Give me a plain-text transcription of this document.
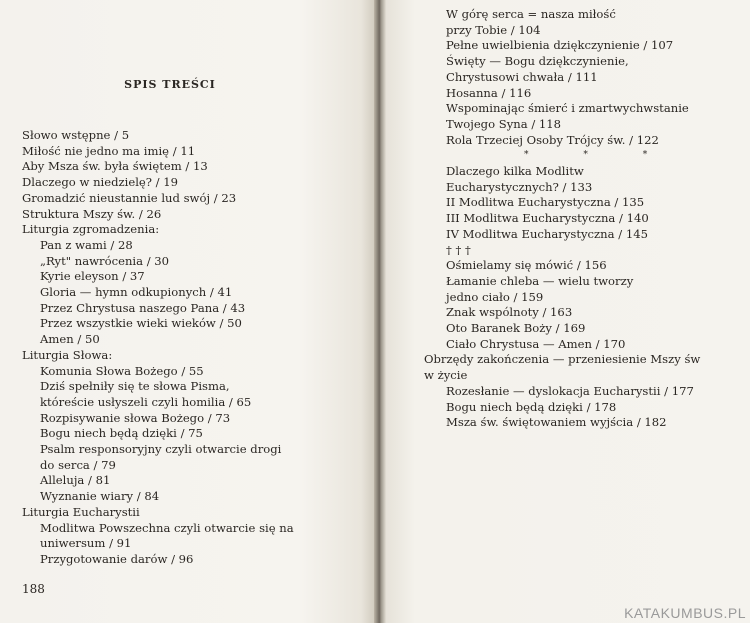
SPIS TREŚCI
Słowo wstępne / 5
Miłość nie jedno ma imię / 11
Aby Msza św. była świętem / 13
Dlaczego w niedzielę? / 19
Gromadzić nieustannie lud swój / 23
Struktura Mszy św. / 26
Liturgia zgromadzenia:
Pan z wami / 28
„Ryt" nawrócenia / 30
Kyrie eleyson / 37
Gloria — hymn odkupionych / 41
Przez Chrystusa naszego Pana / 43
Przez wszystkie wieki wieków / 50
Amen / 50
Liturgia Słowa:
Komunia Słowa Bożego / 55
Dziś spełniły się te słowa Pisma,
któreście usłyszeli czyli homilia / 65
Rozpisywanie słowa Bożego / 73
Bogu niech będą dzięki / 75
Psalm responsoryjny czyli otwarcie drogi
do serca / 79
Alleluja / 81
Wyznanie wiary / 84
Liturgia Eucharystii
Modlitwa Powszechna czyli otwarcie się na
uniwersum / 91
Przygotowanie darów / 96
188
W górę serca = nasza miłość
przy Tobie / 104
Pełne uwielbienia dziękczynienie / 107
Święty — Bogu dziękczynienie,
Chrystusowi chwała / 111
Hosanna / 116
Wspominając śmierć i zmartwychwstanie
Twojego Syna / 118
Rola Trzeciej Osoby Trójcy św. / 122
* * *
Dlaczego kilka Modlitw
Eucharystycznych? / 133
II Modlitwa Eucharystyczna / 135
III Modlitwa Eucharystyczna / 140
IV Modlitwa Eucharystyczna / 145
† † †
Ośmielamy się mówić / 156
Łamanie chleba — wielu tworzy
jedno ciało / 159
Znak wspólnoty / 163
Oto Baranek Boży / 169
Ciało Chrystusa — Amen / 170
Obrzędy zakończenia — przeniesienie Mszy św
w życie
Rozesłanie — dyslokacja Eucharystii / 177
Bogu niech będą dzięki / 178
Msza św. świętowaniem wyjścia / 182
KATAKUMBUS.PL
